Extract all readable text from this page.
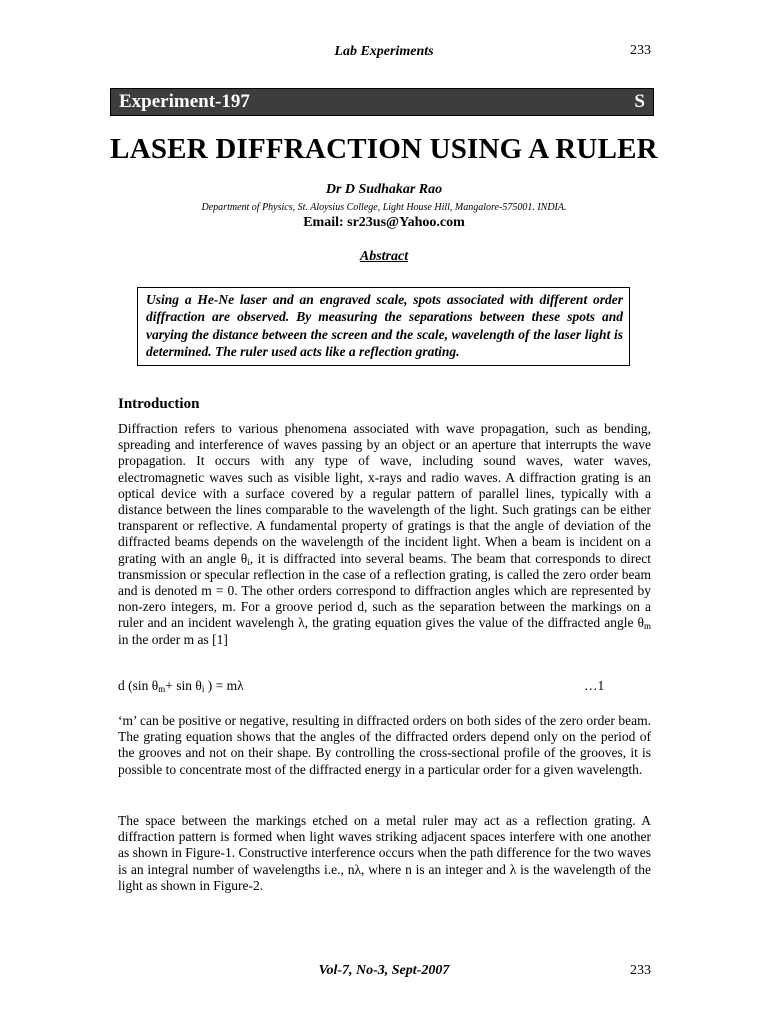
Lab Experiments	233
Experiment-197	S
LASER DIFFRACTION USING A RULER
Dr D Sudhakar Rao
Department of Physics, St. Aloysius College, Light House Hill, Mangalore-575001. INDIA.
Email: sr23us@Yahoo.com
Abstract
Using a He-Ne laser and an engraved scale, spots associated with different order diffraction are observed. By measuring the separations between these spots and varying the distance between the screen and the scale, wavelength of the laser light is determined. The ruler used acts like a reflection grating.
Introduction
Diffraction refers to various phenomena associated with wave propagation, such as bending, spreading and interference of waves passing by an object or an aperture that interrupts the wave propagation. It occurs with any type of wave, including sound waves, water waves, electromagnetic waves such as visible light, x-rays and radio waves. A diffraction grating is an optical device with a surface covered by a regular pattern of parallel lines, typically with a distance between the lines comparable to the wavelength of the light. Such gratings can be either transparent or reflective. A fundamental property of gratings is that the angle of deviation of the diffracted beams depends on the wavelength of the incident light. When a beam is incident on a grating with an angle $\theta_i$, it is diffracted into several beams. The beam that corresponds to direct transmission or specular reflection in the case of a reflection grating, is called the zero order beam and is denoted m = 0. The other orders correspond to diffraction angles which are represented by non-zero integers, m. For a groove period d, such as the separation between the markings on a ruler and an incident wavelengh λ, the grating equation gives the value of the diffracted angle $\theta_m$ in the order m as [1]
d (sin $\theta_m+ \sin \theta_i$ ) = mλ	…1
‘m’ can be positive or negative, resulting in diffracted orders on both sides of the zero order beam. The grating equation shows that the angles of the diffracted orders depend only on the period of the grooves and not on their shape. By controlling the cross-sectional profile of the grooves, it is possible to concentrate most of the diffracted energy in a particular order for a given wavelength.
The space between the markings etched on a metal ruler may act as a reflection grating. A diffraction pattern is formed when light waves striking adjacent spaces interfere with one another as shown in Figure-1. Constructive interference occurs when the path difference for the two waves is an integral number of wavelengths i.e., nλ, where n is an integer and λ is the wavelength of the light as shown in Figure-2.
Vol-7, No-3, Sept-2007	233
